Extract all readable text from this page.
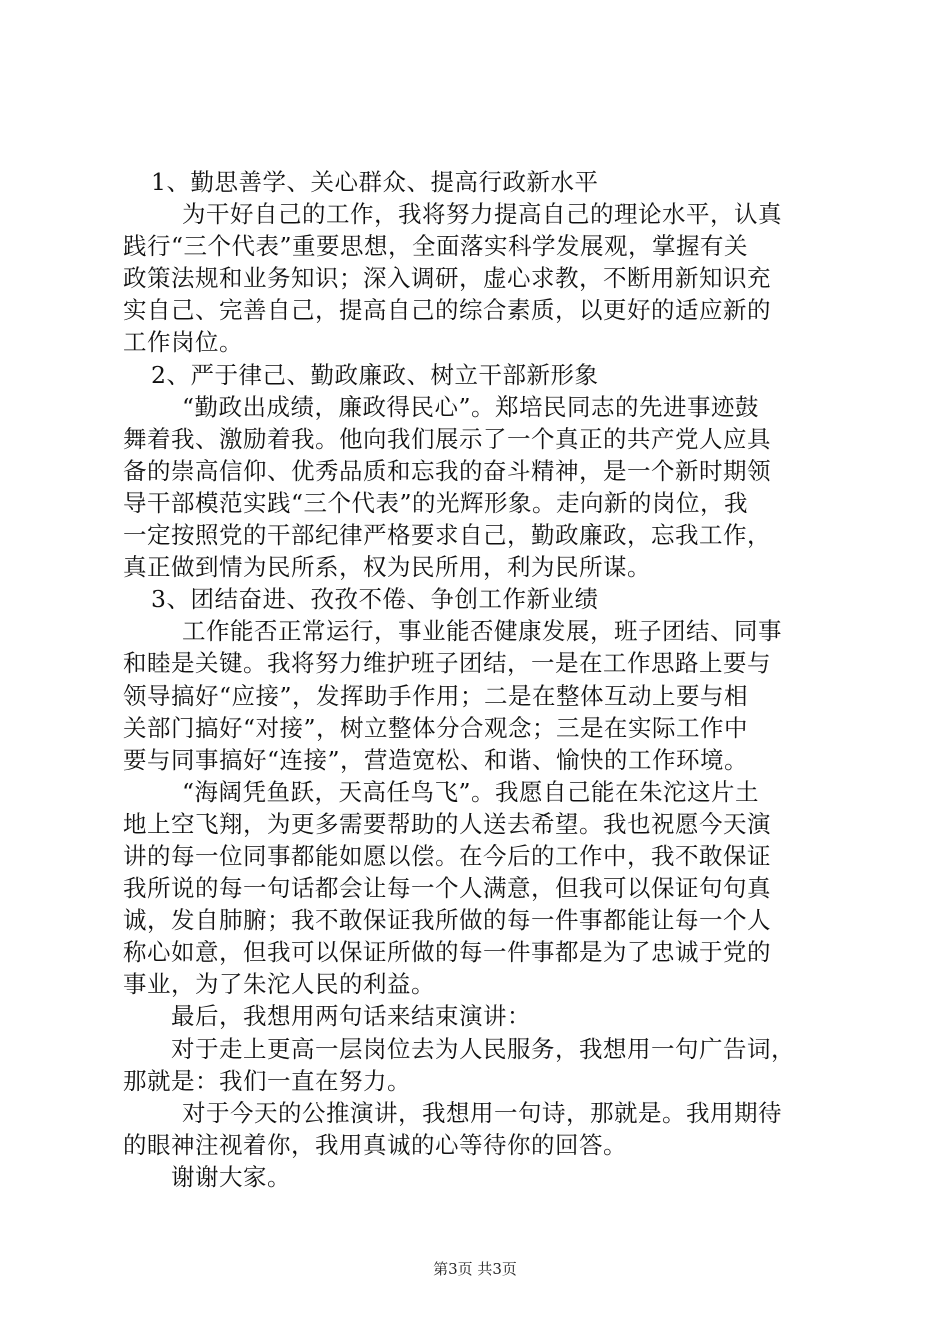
1、勤思善学、关心群众、提高行政新水平
为干好自己的工作，我将努力提高自己的理论水平，认真
践行“三个代表”重要思想，全面落实科学发展观，掌握有关
政策法规和业务知识；深入调研，虚心求教，不断用新知识充
实自己、完善自己，提高自己的综合素质，以更好的适应新的
工作岗位。
2、严于律己、勤政廉政、树立干部新形象
“勤政出成绩，廉政得民心”。郑培民同志的先进事迹鼓
舞着我、激励着我。他向我们展示了一个真正的共产党人应具
备的崇高信仰、优秀品质和忘我的奋斗精神，是一个新时期领
导干部模范实践“三个代表”的光辉形象。走向新的岗位，我
一定按照党的干部纪律严格要求自己，勤政廉政，忘我工作，
真正做到情为民所系，权为民所用，利为民所谋。
3、团结奋进、孜孜不倦、争创工作新业绩
工作能否正常运行，事业能否健康发展，班子团结、同事
和睦是关键。我将努力维护班子团结，一是在工作思路上要与
领导搞好“应接”，发挥助手作用；二是在整体互动上要与相
关部门搞好“对接”，树立整体分合观念；三是在实际工作中
要与同事搞好“连接”，营造宽松、和谐、愉快的工作环境。
“海阔凭鱼跃，天高任鸟飞”。我愿自己能在朱沱这片土
地上空飞翔，为更多需要帮助的人送去希望。我也祝愿今天演
讲的每一位同事都能如愿以偿。在今后的工作中，我不敢保证
我所说的每一句话都会让每一个人满意，但我可以保证句句真
诚，发自肺腑；我不敢保证我所做的每一件事都能让每一个人
称心如意，但我可以保证所做的每一件事都是为了忠诚于党的
事业，为了朱沱人民的利益。
最后，我想用两句话来结束演讲：
对于走上更高一层岗位去为人民服务，我想用一句广告词，
那就是：我们一直在努力。
对于今天的公推演讲，我想用一句诗，那就是。我用期待
的眼神注视着你，我用真诚的心等待你的回答。
谢谢大家。
第3页 共3页
